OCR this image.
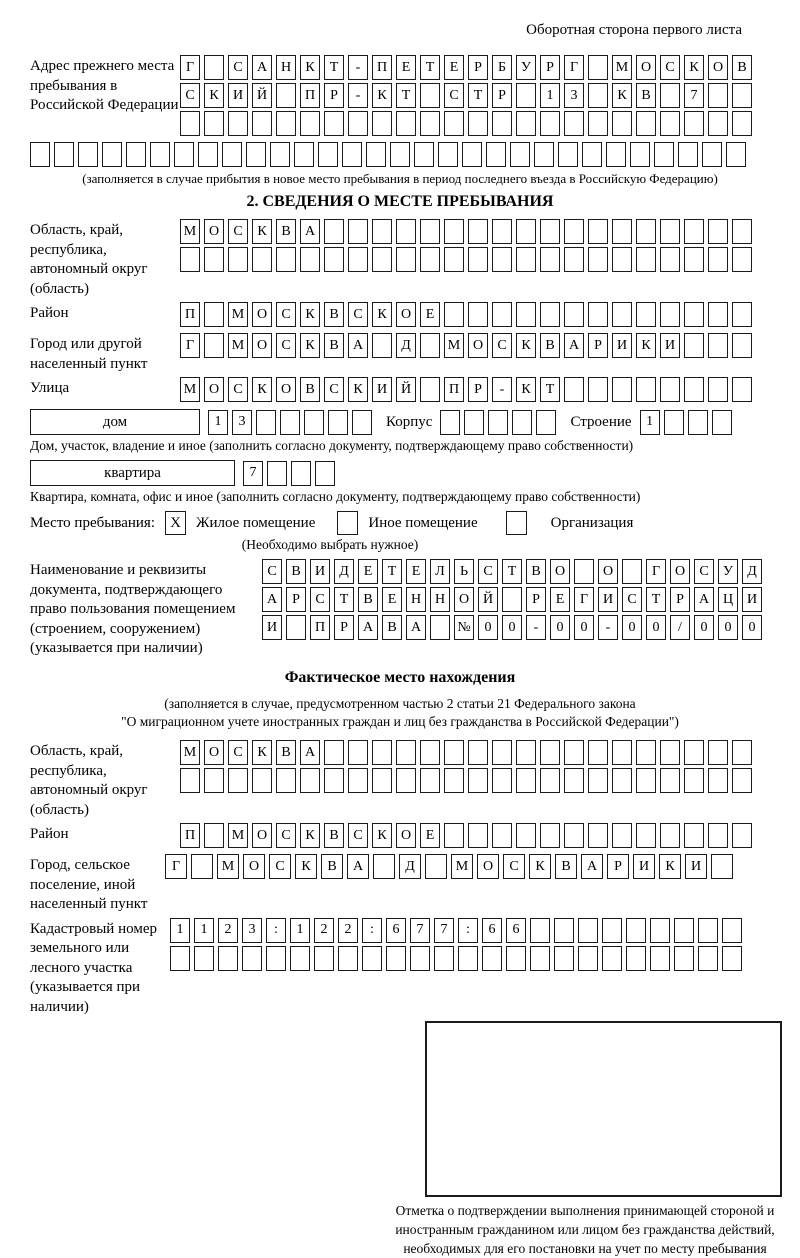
Оборотная сторона первого листа
Адрес прежнего места пребывания в Российской Федерации
Г	С	А Н	К	Т	-	П	Е	Т	Е	Р	Б	У	Р	Г	М О	С	К	О	В
С	К	И Й	П	Р	-	К	Т	С	Т	Р	1	3	К	В	7
(заполняется в случае прибытия в новое место пребывания в период последнего въезда в Российскую Федерацию)
2. СВЕДЕНИЯ О МЕСТЕ ПРЕБЫВАНИЯ
Область, край, республика, автономный округ (область)
М О	С	К	В	А
Район	П	М О	С	К	В	С	К	О	Е
Город или другой населенный пункт
Г	М О	С	К	В	А	Д	М О	С	К	В	А	Р	И	К	И
Улица	М О	С	К	О	В	С	К	И Й	П	Р	-	К	Т
дом	1	3	Корпус	Строение	1
Дом, участок, владение и иное (заполнить согласно документу, подтверждающему право собственности)
квартира	7
Квартира, комната, офис и иное (заполнить согласно документу, подтверждающему право собственности)
Место пребывания: X Жилое помещение	Иное помещение	Организация
(Необходимо выбрать нужное)
Наименование и реквизиты документа, подтверждающего право пользования помещением (строением, сооружением) (указывается при наличии)
С	В	И	Д	Е	Т	Е	Л	Ь	С	Т	В	О	О	Г	О	С	У	Д
А	Р	С	Т	В	Е	Н Н О Й	Р	Е	Г	И	С	Т	Р	А Ц И
И	П	Р	А	В	А	№ 0	0	-	0	0	-	0	0	/	0	0	0
Фактическое место нахождения
(заполняется в случае, предусмотренном частью 2 статьи 21 Федерального закона
"О миграционном учете иностранных граждан и лиц без гражданства в Российской Федерации")
Область, край, республика, автономный округ (область)
М О	С	К	В	А
Район	П	М О	С	К	В	С	К	О	Е
Город, сельское поселение, иной населенный пункт
Г	М	О	С	К	В	А	Д	М	О	С	К	В	А	Р	И	К	И
Кадастровый номер земельного или лесного участка (указывается при наличии)
1	1	2	3	:	1	2	2	:	6	7	7	:	6	6
Отметка о подтверждении выполнения принимающей стороной и иностранным гражданином или лицом без гражданства действий, необходимых для его постановки на учет по месту пребывания
